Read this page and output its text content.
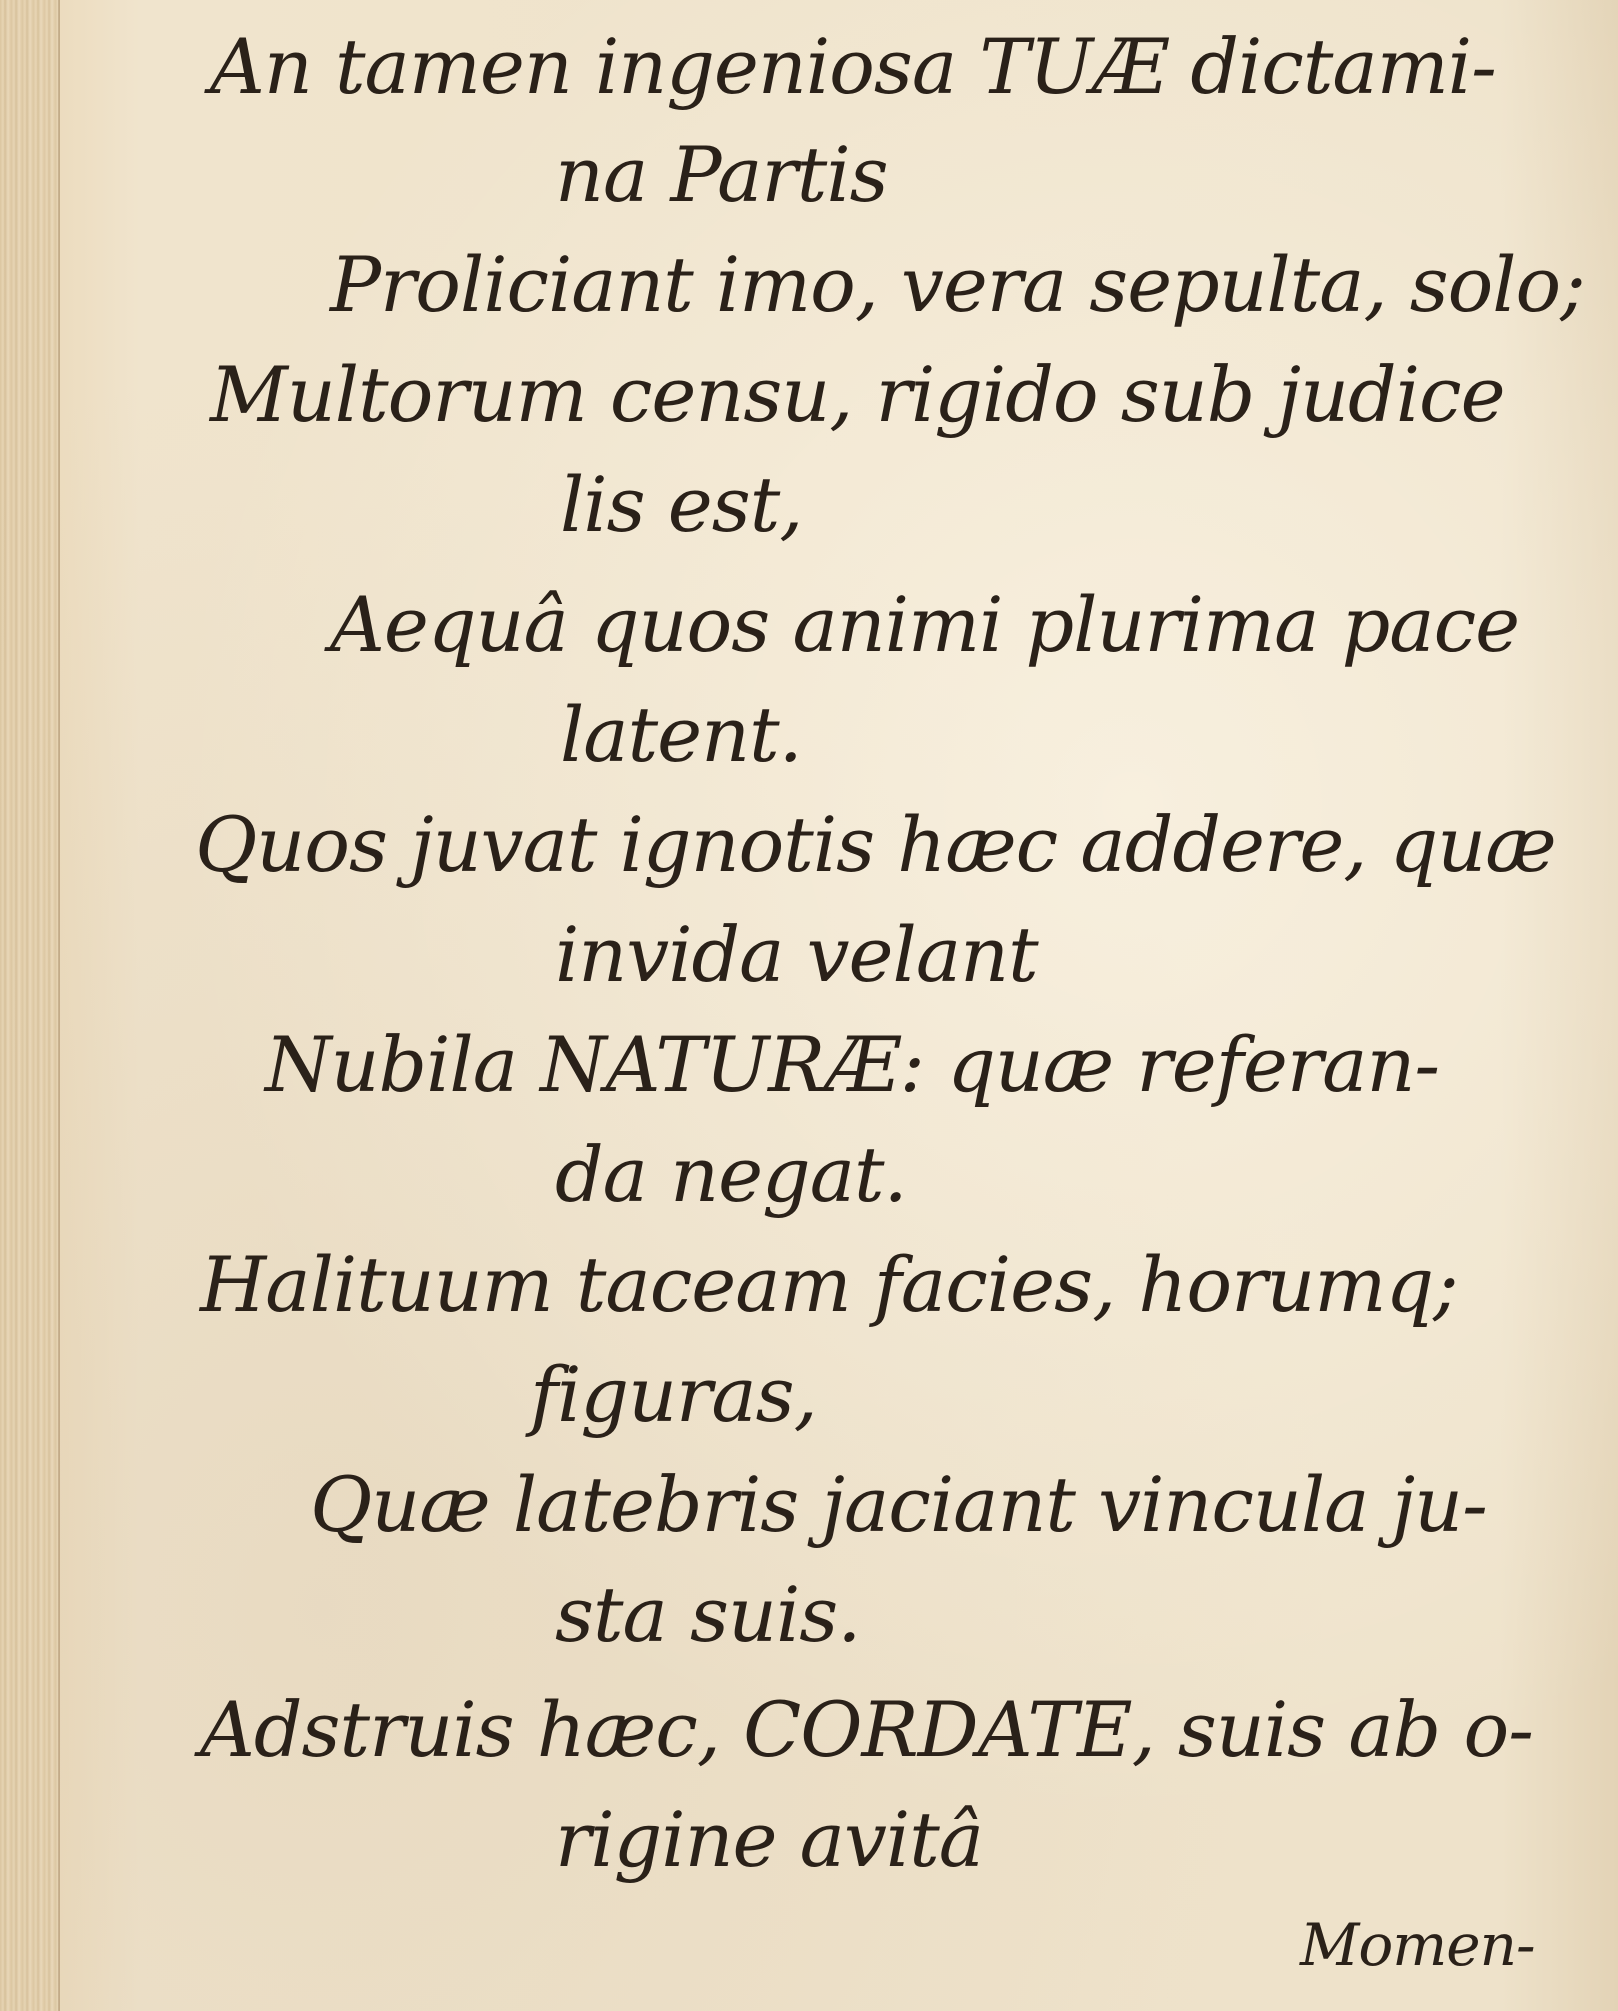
An tamen ingeniosa TUÆ dictami-
na Partis
Proliciant imo, vera sepulta, solo;
Multorum censu, rigido sub judice
lis est,
Aequâ quos animi plurima pace
latent.
Quos juvat ignotis hæc addere, quæ
invida velant
Nubila NATURÆ: quæ referan-
da negat.
Halituum taceam facies, horumq;
figuras,
Quæ latebris jaciant vincula ju-
sta suis.
Adstruis hæc, CORDATE, suis ab o-
rigine avitâ
Momen-
